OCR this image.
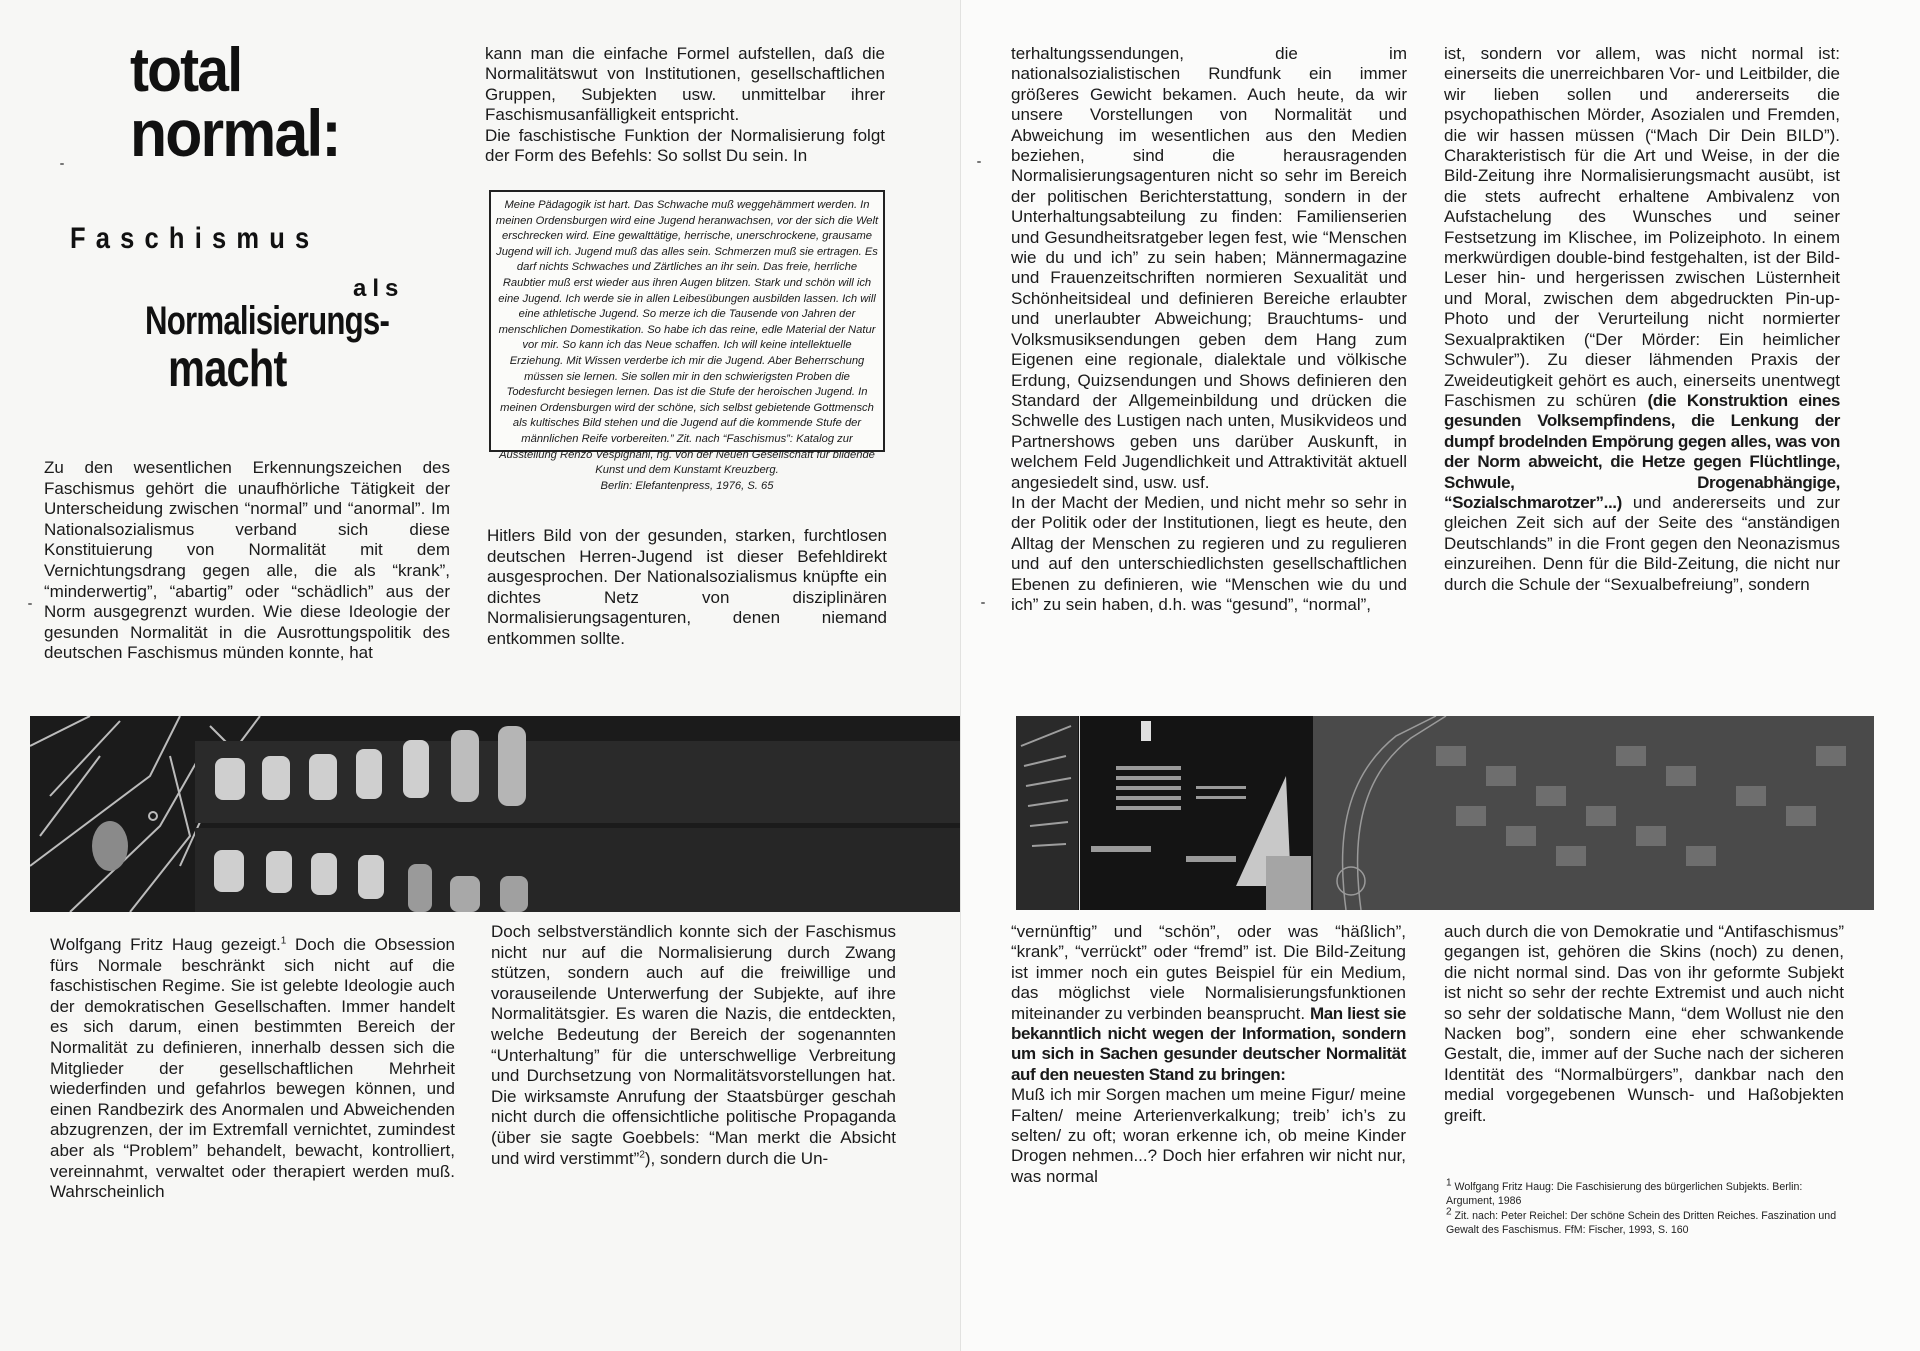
total
normal:
Faschismus
als
Normalisierungs-
macht

Zu den wesentlichen Erkennungszeichen des Faschismus gehört die unaufhörliche Tätigkeit der Unterscheidung zwischen “normal” und “anormal”. Im Nationalsozialismus verband sich diese Konstituierung von Normalität mit dem Vernichtungsdrang gegen alle, die als “krank”, “minderwertig”, “abartig” oder “schädlich” aus der Norm ausgegrenzt wurden. Wie diese Ideologie der gesunden Normalität in die Ausrottungspolitik des deutschen Faschismus münden konnte, hat

kann man die einfache Formel aufstellen, daß die Normalitätswut von Institutionen, gesellschaftlichen Gruppen, Subjekten usw. unmittelbar ihrer Faschismusanfälligkeit entspricht.

Die faschistische Funktion der Normalisierung folgt der Form des Befehls: So sollst Du sein. In

Meine Pädagogik ist hart. Das Schwache muß weggehämmert werden. In meinen Ordensburgen wird eine Jugend heranwachsen, vor der sich die Welt erschrecken wird. Eine gewalttätige, herrische, unerschrockene, grausame Jugend will ich. Jugend muß das alles sein. Schmerzen muß sie ertragen. Es darf nichts Schwaches und Zärtliches an ihr sein. Das freie, herrliche Raubtier muß erst wieder aus ihren Augen blitzen. Stark und schön will ich eine Jugend. Ich werde sie in allen Leibesübungen ausbilden lassen. Ich will eine athletische Jugend. So merze ich die Tausende von Jahren der menschlichen Domestikation. So habe ich das reine, edle Material der Natur vor mir. So kann ich das Neue schaffen. Ich will keine intellektuelle Erziehung. Mit Wissen verderbe ich mir die Jugend. Aber Beherrschung müssen sie lernen. Sie sollen mir in den schwierigsten Proben die Todesfurcht besiegen lernen. Das ist die Stufe der heroischen Jugend. In meinen Ordensburgen wird der schöne, sich selbst gebietende Gottmensch als kultisches Bild stehen und die Jugend auf die kommende Stufe der männlichen Reife vorbereiten.” Zit. nach “Faschismus”: Katalog zur Ausstellung Renzo Vespignani, hg. von der Neuen Gesellschaft für bildende Kunst und dem Kunstamt Kreuzberg.

Berlin: Elefantenpress, 1976, S. 65

Hitlers Bild von der gesunden, starken, furchtlosen deutschen Herren-Jugend ist dieser Befehldirekt ausgesprochen. Der Nationalsozialismus knüpfte ein dichtes Netz von disziplinären Normalisierungsagenturen, denen niemand entkommen sollte.

Wolfgang Fritz Haug gezeigt.$^1$ Doch die Obsession fürs Normale beschränkt sich nicht auf die faschistischen Regime. Sie ist gelebte Ideologie auch der demokratischen Gesellschaften. Immer handelt es sich darum, einen bestimmten Bereich der Normalität zu definieren, innerhalb dessen sich die Mitglieder der gesellschaftlichen Mehrheit wiederfinden und gefahrlos bewegen können, und einen Randbezirk des Anormalen und Abweichenden abzugrenzen, der im Extremfall vernichtet, zumindest aber als “Problem” behandelt, bewacht, kontrolliert, vereinnahmt, verwaltet oder therapiert werden muß. Wahrscheinlich

Doch selbstverständlich konnte sich der Faschismus nicht nur auf die Normalisierung durch Zwang stützen, sondern auch auf die freiwillige und vorauseilende Unterwerfung der Subjekte, auf ihre Normalitätsgier. Es waren die Nazis, die entdeckten, welche Bedeutung der Bereich der sogenannten “Unterhaltung” für die unterschwellige Verbreitung und Durchsetzung von Normalitätsvorstellungen hat. Die wirksamste Anrufung der Staatsbürger geschah nicht durch die offensichtliche politische Propaganda (über sie sagte Goebbels: “Man merkt die Absicht und wird verstimmt”$^2$), sondern durch die Un-

terhaltungssendungen, die im nationalsozialistischen Rundfunk ein immer größeres Gewicht bekamen. Auch heute, da wir unsere Vorstellungen von Normalität und Abweichung im wesentlichen aus den Medien beziehen, sind die herausragenden Normalisierungsagenturen nicht so sehr im Bereich der politischen Berichterstattung, sondern in der Unterhaltungsabteilung zu finden: Familienserien und Gesundheitsratgeber legen fest, wie “Menschen wie du und ich” zu sein haben; Männermagazine und Frauenzeitschriften normieren Sexualität und Schönheitsideal und definieren Bereiche erlaubter und unerlaubter Abweichung; Brauchtums- und Volksmusiksendungen geben dem Hang zum Eigenen eine regionale, dialektale und völkische Erdung, Quizsendungen und Shows definieren den Standard der Allgemeinbildung und drücken die Schwelle des Lustigen nach unten, Musikvideos und Partnershows geben uns darüber Auskunft, in welchem Feld Jugendlichkeit und Attraktivität aktuell angesiedelt sind, usw. usf.

In der Macht der Medien, und nicht mehr so sehr in der Politik oder der Institutionen, liegt es heute, den Alltag der Menschen zu regieren und zu regulieren und auf den unterschiedlichsten gesellschaftlichen Ebenen zu definieren, wie “Menschen wie du und ich” zu sein haben, d.h. was “gesund”, “normal”,

ist, sondern vor allem, was nicht normal ist: einerseits die unerreichbaren Vor- und Leitbilder, die wir lieben sollen und andererseits die psychopathischen Mörder, Asozialen und Fremden, die wir hassen müssen (“Mach Dir Dein BILD”). Charakteristisch für die Art und Weise, in der die Bild-Zeitung ihre Normalisierungsmacht ausübt, ist die stets aufrecht erhaltene Ambivalenz von Aufstachelung des Wunsches und seiner Festsetzung im Klischee, im Polizeiphoto. In einem merkwürdigen double-bind festgehalten, ist der Bild-Leser hin- und hergerissen zwischen Lüsternheit und Moral, zwischen dem abgedruckten Pin-up-Photo und der Verurteilung nicht normierter Sexualpraktiken (“Der Mörder: Ein heimlicher Schwuler”). Zu dieser lähmenden Praxis der Zweideutigkeit gehört es auch, einerseits unentwegt Faschismen zu schüren (die Konstruktion eines gesunden Volksempfindens, die Lenkung der dumpf brodelnden Empörung gegen alles, was von der Norm abweicht, die Hetze gegen Flüchtlinge, Schwule, Drogenabhängige, “Sozialschmarotzer”...) und andererseits und zur gleichen Zeit sich auf der Seite des “anständigen Deutschlands” in die Front gegen den Neonazismus einzureihen. Denn für die Bild-Zeitung, die nicht nur durch die Schule der “Sexualbefreiung”, sondern

“vernünftig” und “schön”, oder was “häßlich”, “krank”, “verrückt” oder “fremd” ist. Die Bild-Zeitung ist immer noch ein gutes Beispiel für ein Medium, das möglichst viele Normalisierungsfunktionen miteinander zu verbinden beansprucht. Man liest sie bekanntlich nicht wegen der Information, sondern um sich in Sachen gesunder deutscher Normalität auf den neuesten Stand zu bringen:

Muß ich mir Sorgen machen um meine Figur/ meine Falten/ meine Arterienverkalkung; treib’ ich’s zu selten/ zu oft; woran erkenne ich, ob meine Kinder Drogen nehmen...? Doch hier erfahren wir nicht nur, was normal

auch durch die von Demokratie und “Antifaschismus” gegangen ist, gehören die Skins (noch) zu denen, die nicht normal sind. Das von ihr geformte Subjekt ist nicht so sehr der rechte Extremist und auch nicht so sehr der soldatische Mann, “dem Wollust nie den Nacken bog”, sondern eine eher schwankende Gestalt, die, immer auf der Suche nach der sicheren Identität des “Normalbürgers”, dankbar nach den medial vorgegebenen Wunsch- und Haßobjekten greift.

$^1$ Wolfgang Fritz Haug: Die Faschisierung des bürgerlichen Subjekts. Berlin: Argument, 1986

$^2$ Zit. nach: Peter Reichel: Der schöne Schein des Dritten Reiches. Faszination und Gewalt des Faschismus. FfM: Fischer, 1993, S. 160
